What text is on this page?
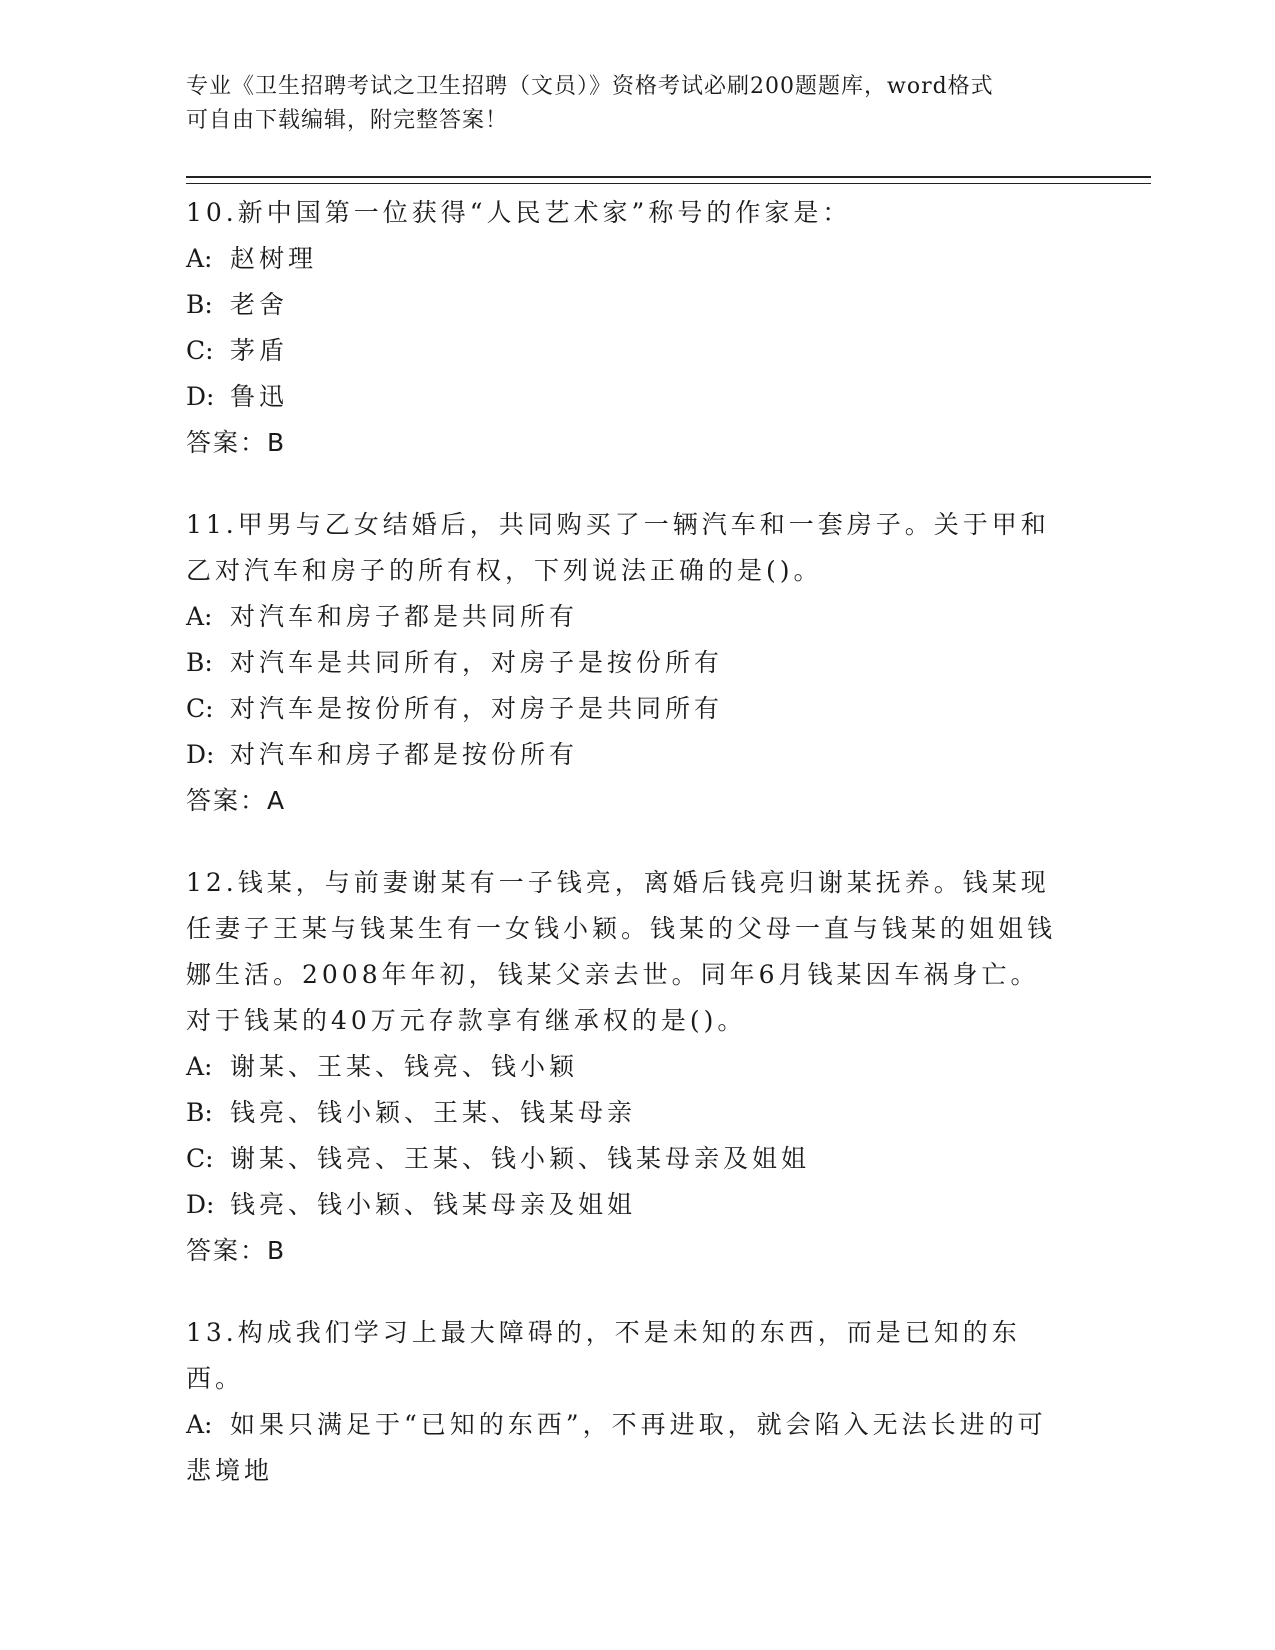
专业《卫生招聘考试之卫生招聘（文员）》资格考试必刷200题题库，word格式
可自由下载编辑，附完整答案！

10.新中国第一位获得“人民艺术家”称号的作家是：

A: 赵树理

B: 老舍

C: 茅盾

D: 鲁迅

答案：B

11.甲男与乙女结婚后，共同购买了一辆汽车和一套房子。关于甲和乙对汽车和房子的所有权，下列说法正确的是()。

A: 对汽车和房子都是共同所有

B: 对汽车是共同所有，对房子是按份所有

C: 对汽车是按份所有，对房子是共同所有

D: 对汽车和房子都是按份所有

答案：A

12.钱某，与前妻谢某有一子钱亮，离婚后钱亮归谢某抚养。钱某现任妻子王某与钱某生有一女钱小颖。钱某的父母一直与钱某的姐姐钱娜生活。2008年年初，钱某父亲去世。同年6月钱某因车祸身亡。对于钱某的40万元存款享有继承权的是()。

A: 谢某、王某、钱亮、钱小颖

B: 钱亮、钱小颖、王某、钱某母亲

C: 谢某、钱亮、王某、钱小颖、钱某母亲及姐姐

D: 钱亮、钱小颖、钱某母亲及姐姐

答案：B

13.构成我们学习上最大障碍的，不是未知的东西，而是已知的东西。

A: 如果只满足于“已知的东西”，不再进取，就会陷入无法长进的可悲境地
